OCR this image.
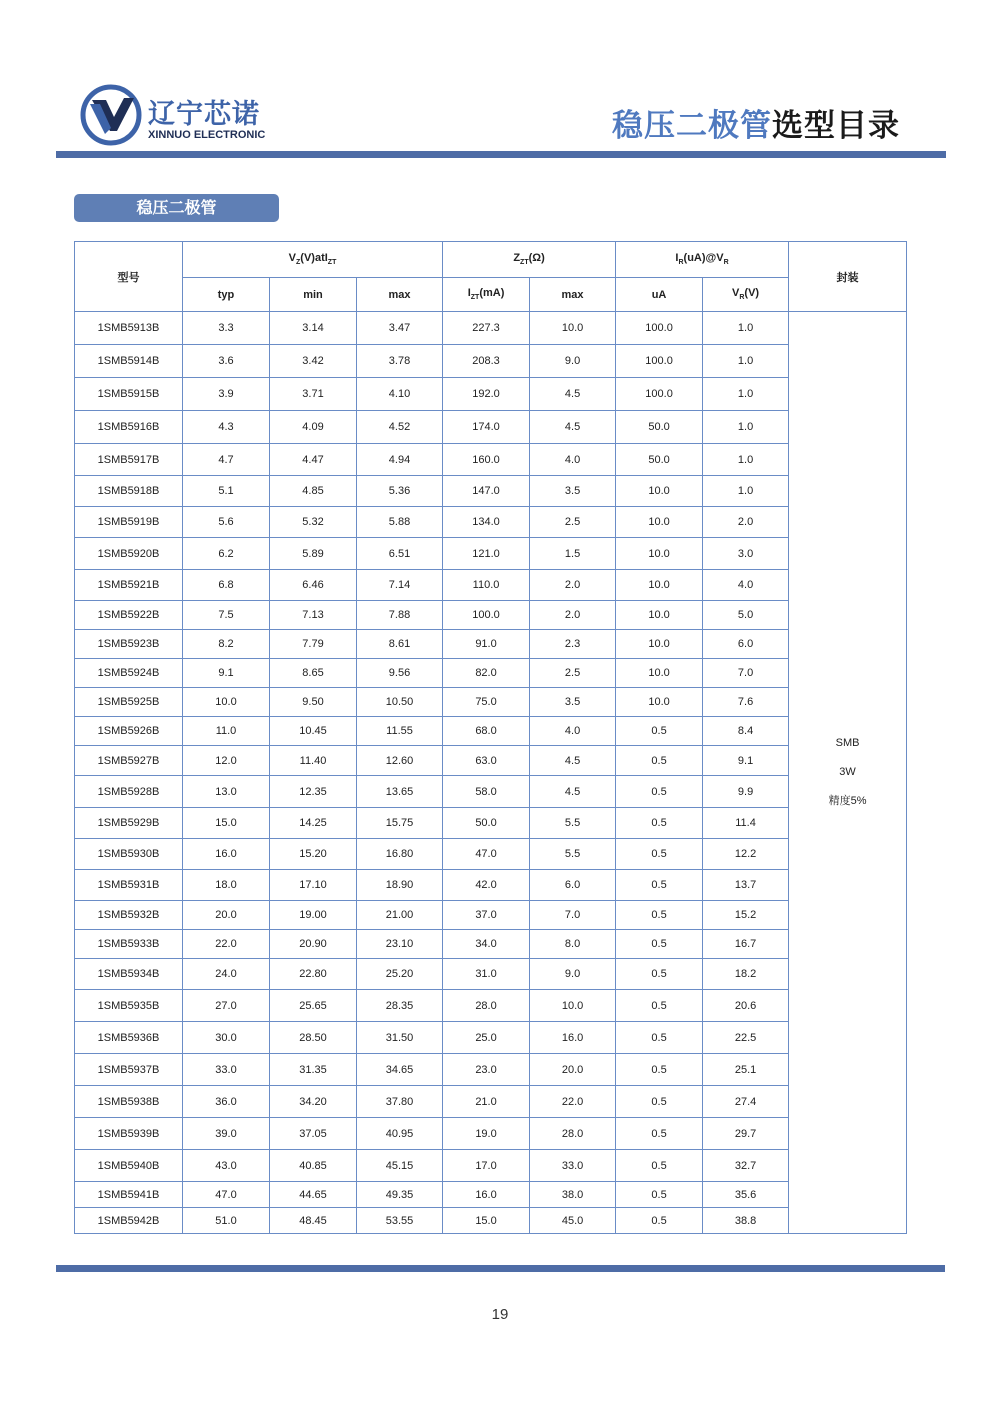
辽宁芯诺
XINNUO ELECTRONIC	稳压二极管选型目录
稳压二极管
型号	$V_Z(V)atI_{ZT}$			$Z_{ZT}(\Omega)$		$I_R(uA)@V_R$		封装
	typ	min	max	$I_{ZT}(mA)$	max	uA	$V_R(V)$	
1SMB5913B	3.3	3.14	3.47	227.3	10.0	100.0	1.0	SMB
3W
精度5%

1SMB5914B	3.6	3.42	3.78	208.3	9.0	100.0	1.0	
1SMB5915B	3.9	3.71	4.10	192.0	4.5	100.0	1.0	
1SMB5916B	4.3	4.09	4.52	174.0	4.5	50.0	1.0	
1SMB5917B	4.7	4.47	4.94	160.0	4.0	50.0	1.0	
1SMB5918B	5.1	4.85	5.36	147.0	3.5	10.0	1.0	
1SMB5919B	5.6	5.32	5.88	134.0	2.5	10.0	2.0	
1SMB5920B	6.2	5.89	6.51	121.0	1.5	10.0	3.0	
1SMB5921B	6.8	6.46	7.14	110.0	2.0	10.0	4.0	
1SMB5922B	7.5	7.13	7.88	100.0	2.0	10.0	5.0	
1SMB5923B	8.2	7.79	8.61	91.0	2.3	10.0	6.0	
1SMB5924B	9.1	8.65	9.56	82.0	2.5	10.0	7.0	
1SMB5925B	10.0	9.50	10.50	75.0	3.5	10.0	7.6	
1SMB5926B	11.0	10.45	11.55	68.0	4.0	0.5	8.4	
1SMB5927B	12.0	11.40	12.60	63.0	4.5	0.5	9.1	
1SMB5928B	13.0	12.35	13.65	58.0	4.5	0.5	9.9	
1SMB5929B	15.0	14.25	15.75	50.0	5.5	0.5	11.4	
1SMB5930B	16.0	15.20	16.80	47.0	5.5	0.5	12.2	
1SMB5931B	18.0	17.10	18.90	42.0	6.0	0.5	13.7	
1SMB5932B	20.0	19.00	21.00	37.0	7.0	0.5	15.2	
1SMB5933B	22.0	20.90	23.10	34.0	8.0	0.5	16.7	
1SMB5934B	24.0	22.80	25.20	31.0	9.0	0.5	18.2	
1SMB5935B	27.0	25.65	28.35	28.0	10.0	0.5	20.6	
1SMB5936B	30.0	28.50	31.50	25.0	16.0	0.5	22.5	
1SMB5937B	33.0	31.35	34.65	23.0	20.0	0.5	25.1	
1SMB5938B	36.0	34.20	37.80	21.0	22.0	0.5	27.4	
1SMB5939B	39.0	37.05	40.95	19.0	28.0	0.5	29.7	
1SMB5940B	43.0	40.85	45.15	17.0	33.0	0.5	32.7	
1SMB5941B	47.0	44.65	49.35	16.0	38.0	0.5	35.6	
1SMB5942B	51.0	48.45	53.55	15.0	45.0	0.5	38.8	
19
